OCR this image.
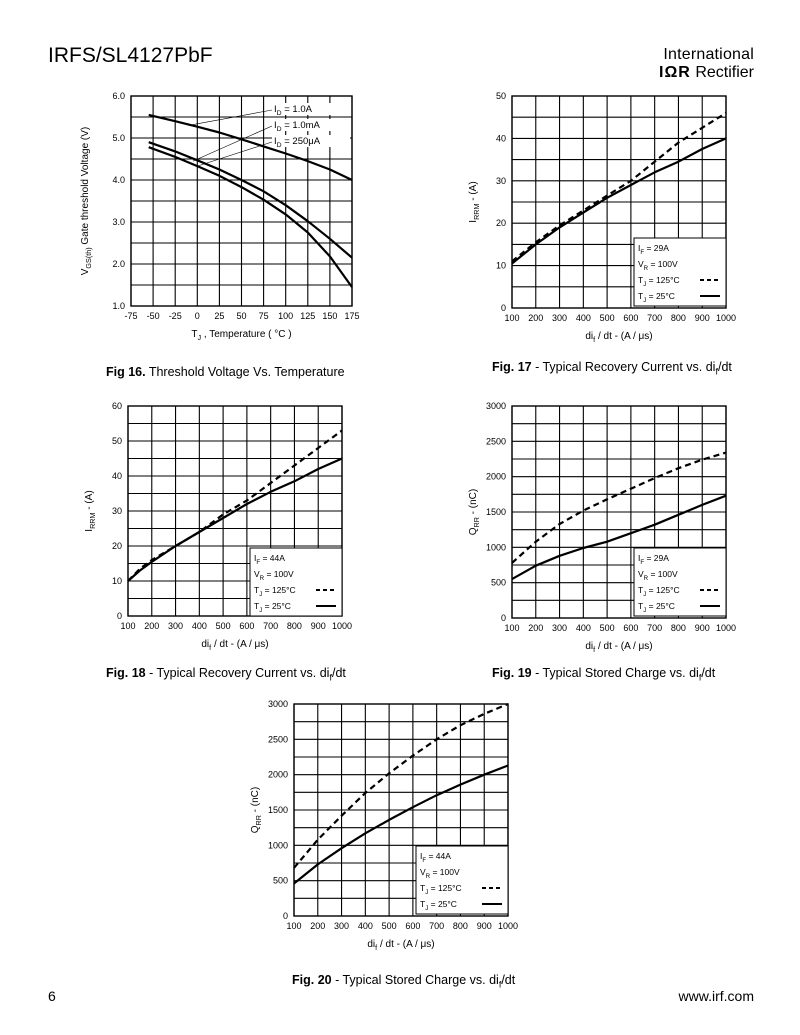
IRFS/SL4127PbF	International
IΩR Rectifier
-75 -50 -25 0 25 50 75 100 125 150 175
1.0
2.0
3.0
4.0
5.0
6.0
$T_J$ , Temperature ( °C )
$V_{GS(th)}$ Gate threshold Voltage (V)
$I_D = 1.0A$
$I_D = 1.0mA$
$I_D = 250\mu A$
100 200 300 400 500 600 700 800 900 1000
0
10
20
30
40
50
$di_f$ / dt - (A / μs)
$I_{RRM} - (A)$
$I_F = 29A$
$V_R = 100V$
$T_J = 125^\circ C$
$T_J = 25^\circ C$
100 200 300 400 500 600 700 800 900 1000
0
10
20
30
40
50
60
$di_f$ / dt - (A / μs)
$I_{RRM} - (A)$
$I_F = 44A$
$V_R = 100V$
$T_J = 125^\circ C$
$T_J = 25^\circ C$
100 200 300 400 500 600 700 800 900 1000
0
500
1000
1500
2000
2500
3000
$di_f$ / dt - (A / μs)
$Q_{RR} - (nC)$
$I_F = 29A$
$V_R = 100V$
$T_J = 125^\circ C$
$T_J = 25^\circ C$
100 200 300 400 500 600 700 800 900 1000
0
500
1000
1500
2000
2500
3000
$di_f$ / dt - (A / μs)
$Q_{RR} - (nC)$
$I_F = 44A$
$V_R = 100V$
$T_J = 125^\circ C$
$T_J = 25^\circ C$
Fig 16. Threshold Voltage Vs. Temperature	Fig. 17 - Typical Recovery Current vs. $di_f/dt$
Fig. 18 - Typical Recovery Current vs. $di_f/dt$	Fig. 19 - Typical Stored Charge vs. $di_f/dt$
Fig. 20 - Typical Stored Charge vs. $di_f/dt$
6	www.irf.com
